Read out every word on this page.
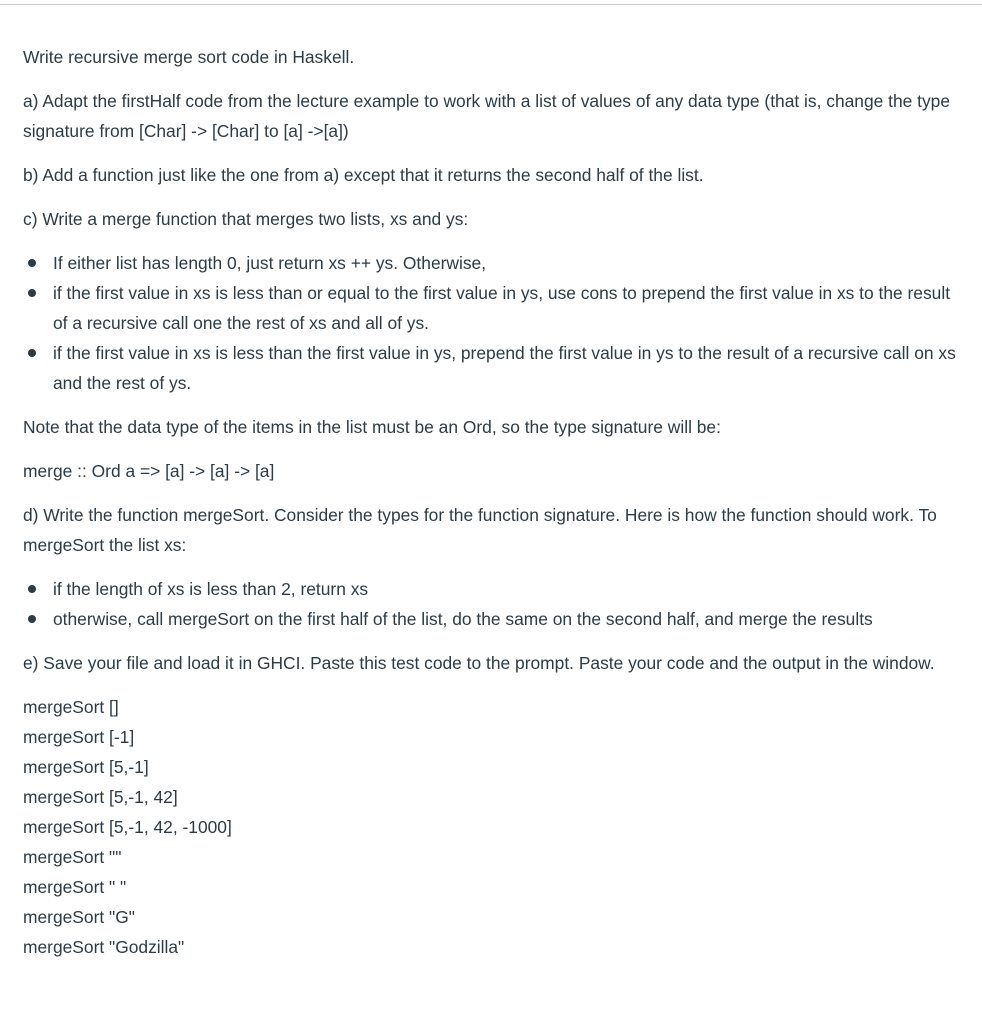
Write recursive merge sort code in Haskell.

a) Adapt the firstHalf code from the lecture example to work with a list of values of any data type (that is, change the type signature from [Char] -> [Char] to [a] ->[a])

b) Add a function just like the one from a) except that it returns the second half of the list.

c) Write a merge function that merges two lists, xs and ys:

If either list has length 0, just return xs ++ ys. Otherwise,
if the first value in xs is less than or equal to the first value in ys, use cons to prepend the first value in xs to the result of a recursive call one the rest of xs and all of ys.
if the first value in xs is less than the first value in ys, prepend the first value in ys to the result of a recursive call on xs and the rest of ys.

Note that the data type of the items in the list must be an Ord, so the type signature will be:

merge :: Ord a => [a] -> [a] -> [a]

d) Write the function mergeSort. Consider the types for the function signature. Here is how the function should work. To mergeSort the list xs:

if the length of xs is less than 2, return xs
otherwise, call mergeSort on the first half of the list, do the same on the second half, and merge the results

e) Save your file and load it in GHCI. Paste this test code to the prompt. Paste your code and the output in the window.

mergeSort []
mergeSort [-1]
mergeSort [5,-1]
mergeSort [5,-1, 42]
mergeSort [5,-1, 42, -1000]
mergeSort ""
mergeSort " "
mergeSort "G"
mergeSort "Godzilla"
